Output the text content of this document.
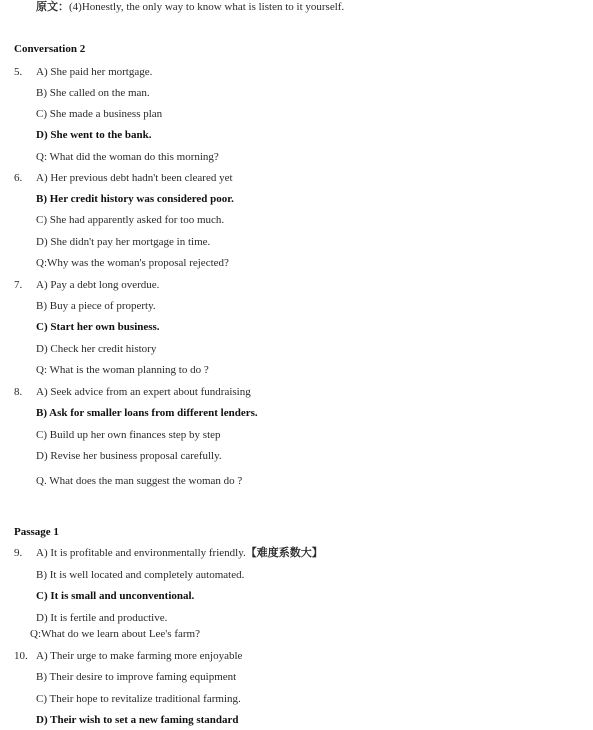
原文：(4)Honestly, the only way to know what is listen to it yourself.
Conversation 2
5. A) She paid her mortgage.
B) She called on the man.
C) She made a business plan
D) She went to the bank.
Q: What did the woman do this morning?
6. A) Her previous debt hadn't been cleared yet
B) Her credit history was considered poor.
C) She had apparently asked for too much.
D) She didn't pay her mortgage in time.
Q:Why was the woman's proposal rejected?
7. A) Pay a debt long overdue.
B) Buy a piece of property.
C) Start her own business.
D) Check her credit history
Q: What is the woman planning to do ?
8. A) Seek advice from an expert about fundraising
B) Ask for smaller loans from different lenders.
C) Build up her own finances step by step
D) Revise her business proposal carefully.
Q. What does the man suggest the woman do ?
Passage 1
9. A) It is profitable and environmentally friendly.【难度系数大】
B) It is well located and completely automated.
C) It is small and unconventional.
D) It is fertile and productive.
Q:What do we learn about Lee's farm?
10. A) Their urge to make farming more enjoyable
B) Their desire to improve faming equipment
C) Their hope to revitalize traditional farming.
D) Their wish to set a new faming standard
